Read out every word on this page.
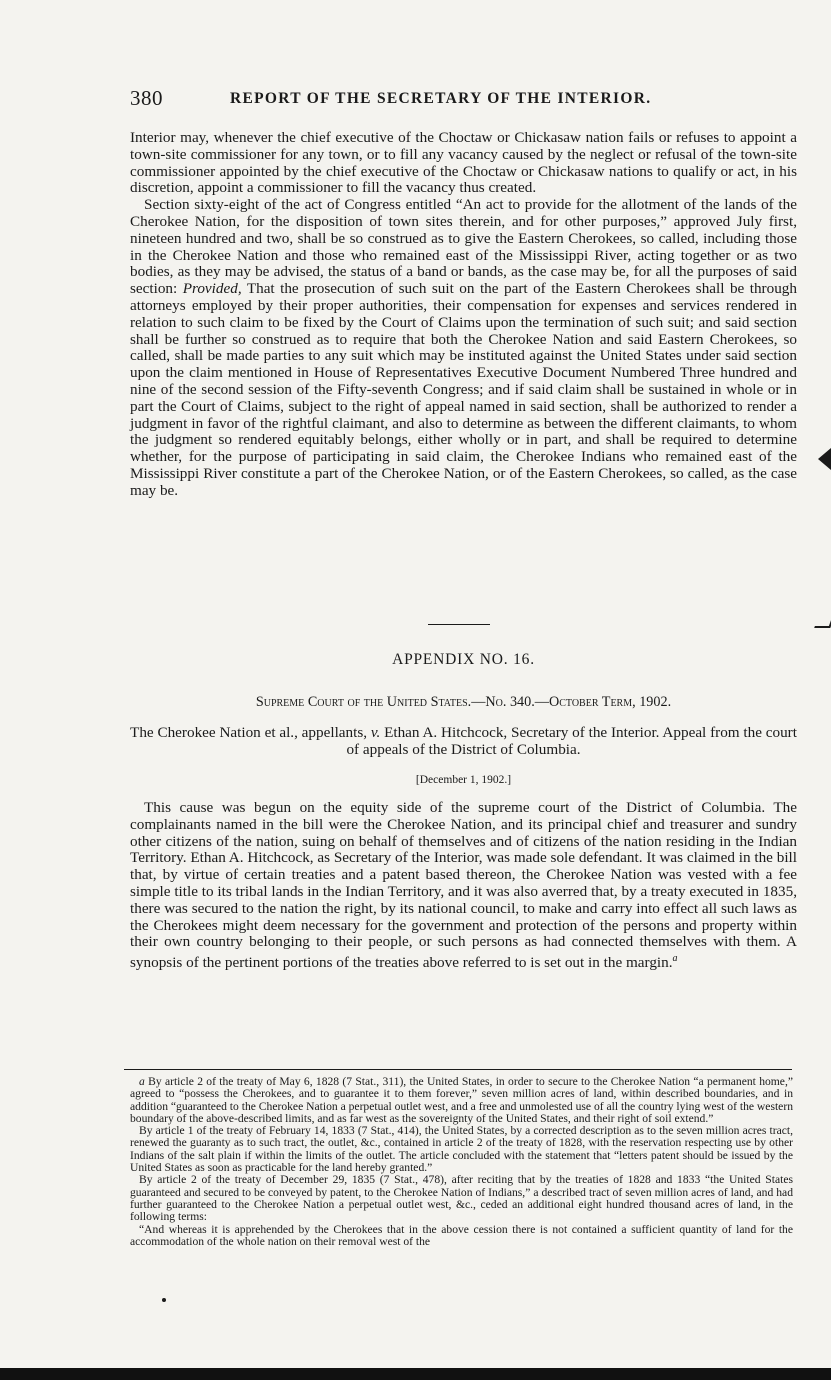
380	REPORT OF THE SECRETARY OF THE INTERIOR.

Interior may, whenever the chief executive of the Choctaw or Chickasaw nation fails or refuses to appoint a town-site commissioner for any town, or to fill any vacancy caused by the neglect or refusal of the town-site commissioner appointed by the chief executive of the Choctaw or Chickasaw nations to qualify or act, in his discretion, appoint a commissioner to fill the vacancy thus created.

Section sixty-eight of the act of Congress entitled “An act to provide for the allotment of the lands of the Cherokee Nation, for the disposition of town sites therein, and for other purposes,” approved July first, nineteen hundred and two, shall be so construed as to give the Eastern Cherokees, so called, including those in the Cherokee Nation and those who remained east of the Mississippi River, acting together or as two bodies, as they may be advised, the status of a band or bands, as the case may be, for all the purposes of said section: Provided, That the prosecution of such suit on the part of the Eastern Cherokees shall be through attorneys employed by their proper authorities, their compensation for expenses and services rendered in relation to such claim to be fixed by the Court of Claims upon the termination of such suit; and said section shall be further so construed as to require that both the Cherokee Nation and said Eastern Cherokees, so called, shall be made parties to any suit which may be instituted against the United States under said section upon the claim mentioned in House of Representatives Executive Document Numbered Three hundred and nine of the second session of the Fifty-seventh Congress; and if said claim shall be sustained in whole or in part the Court of Claims, subject to the right of appeal named in said section, shall be authorized to render a judgment in favor of the rightful claimant, and also to determine as between the different claimants, to whom the judgment so rendered equitably belongs, either wholly or in part, and shall be required to determine whether, for the purpose of participating in said claim, the Cherokee Indians who remained east of the Mississippi River constitute a part of the Cherokee Nation, or of the Eastern Cherokees, so called, as the case may be.

APPENDIX NO. 16.
Supreme Court of the United States.—No. 340.—October Term, 1902.
The Cherokee Nation et al., appellants, v. Ethan A. Hitchcock, Secretary of the Interior. Appeal from the court of appeals of the District of Columbia.
[December 1, 1902.]

This cause was begun on the equity side of the supreme court of the District of Columbia. The complainants named in the bill were the Cherokee Nation, and its principal chief and treasurer and sundry other citizens of the nation, suing on behalf of themselves and of citizens of the nation residing in the Indian Territory. Ethan A. Hitchcock, as Secretary of the Interior, was made sole defendant. It was claimed in the bill that, by virtue of certain treaties and a patent based thereon, the Cherokee Nation was vested with a fee simple title to its tribal lands in the Indian Territory, and it was also averred that, by a treaty executed in 1835, there was secured to the nation the right, by its national council, to make and carry into effect all such laws as the Cherokees might deem necessary for the government and protection of the persons and property within their own country belonging to their people, or such persons as had connected themselves with them. A synopsis of the pertinent portions of the treaties above referred to is set out in the margin.$^a$

a By article 2 of the treaty of May 6, 1828 (7 Stat., 311), the United States, in order to secure to the Cherokee Nation “a permanent home,” agreed to “possess the Cherokees, and to guarantee it to them forever,” seven million acres of land, within described boundaries, and in addition “guaranteed to the Cherokee Nation a perpetual outlet west, and a free and unmolested use of all the country lying west of the western boundary of the above-described limits, and as far west as the sovereignty of the United States, and their right of soil extend.”

By article 1 of the treaty of February 14, 1833 (7 Stat., 414), the United States, by a corrected description as to the seven million acres tract, renewed the guaranty as to such tract, the outlet, &c., contained in article 2 of the treaty of 1828, with the reservation respecting use by other Indians of the salt plain if within the limits of the outlet. The article concluded with the statement that “letters patent should be issued by the United States as soon as practicable for the land hereby granted.”

By article 2 of the treaty of December 29, 1835 (7 Stat., 478), after reciting that by the treaties of 1828 and 1833 “the United States guaranteed and secured to be conveyed by patent, to the Cherokee Nation of Indians,” a described tract of seven million acres of land, and had further guaranteed to the Cherokee Nation a perpetual outlet west, &c., ceded an additional eight hundred thousand acres of land, in the following terms:

“And whereas it is apprehended by the Cherokees that in the above cession there is not contained a sufficient quantity of land for the accommodation of the whole nation on their removal west of the
